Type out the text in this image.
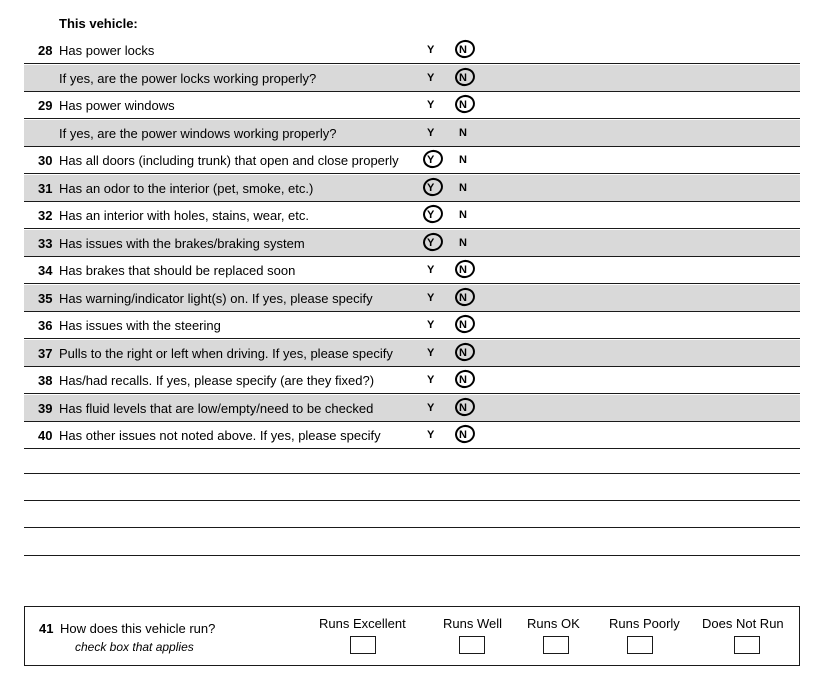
This vehicle:
28 Has power locks	Y N
If yes, are the power locks working properly?	Y N
29 Has power windows	Y N
If yes, are the power windows working properly?	Y N
30 Has all doors (including trunk) that open and close properly	Y N
31 Has an odor to the interior (pet, smoke, etc.)	Y N
32 Has an interior with holes, stains, wear, etc.	Y N
33 Has issues with the brakes/braking system	Y N
34 Has brakes that should be replaced soon	Y N
35 Has warning/indicator light(s) on. If yes, please specify	Y N
36 Has issues with the steering	Y N
37 Pulls to the right or left when driving. If yes, please specify	Y N
38 Has/had recalls. If yes, please specify (are they fixed?)	Y N
39 Has fluid levels that are low/empty/need to be checked	Y N
40 Has other issues not noted above. If yes, please specify	Y N
41 How does this vehicle run?
check box that applies
Runs Excellent	Runs Well Runs OK Runs Poorly Does Not Run
